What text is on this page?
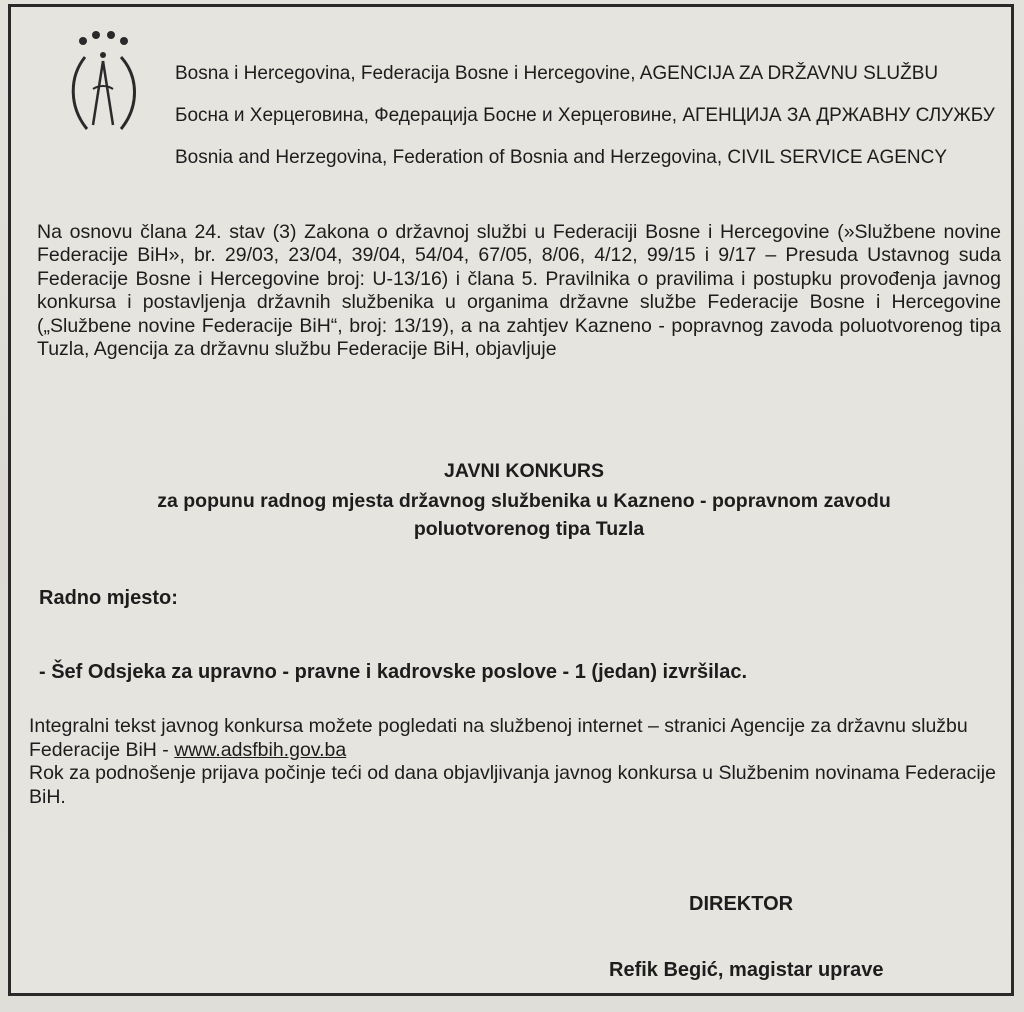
Bosna i Hercegovina, Federacija Bosne i Hercegovine, AGENCIJA ZA DRŽAVNU SLUŽBU

Босна и Херцеговина, Федерација Босне и Херцеговине, АГЕНЦИЈА ЗА ДРЖАВНУ СЛУЖБУ

Bosnia and Herzegovina, Federation of Bosnia and Herzegovina, CIVIL SERVICE AGENCY

Na osnovu člana 24. stav (3) Zakona o državnoj službi u Federaciji Bosne i Hercegovine (»Službene novine Federacije BiH», br. 29/03, 23/04, 39/04, 54/04, 67/05, 8/06, 4/12, 99/15 i 9/17 – Presuda Ustavnog suda Federacije Bosne i Hercegovine broj: U-13/16) i člana 5. Pravilnika o pravilima i postupku provođenja javnog konkursa i postavljenja državnih službenika u organima državne službe Federacije Bosne i Hercegovine („Službene novine Federacije BiH“, broj: 13/19), a na zahtjev Kazneno - popravnog zavoda poluotvorenog tipa Tuzla, Agencija za državnu službu Federacije BiH, objavljuje

JAVNI KONKURS
za popunu radnog mjesta državnog službenika u Kazneno - popravnom zavodu
poluotvorenog tipa Tuzla

Radno mjesto:

- Šef Odsjeka za upravno - pravne i kadrovske poslove - 1 (jedan) izvršilac.

Integralni tekst javnog konkursa možete pogledati na službenoj internet – stranici Agencije za državnu službu Federacije BiH - www.adsfbih.gov.ba
Rok za podnošenje prijava počinje teći od dana objavljivanja javnog konkursa u Službenim novinama Federacije BiH.

DIREKTOR

Refik Begić, magistar uprave
